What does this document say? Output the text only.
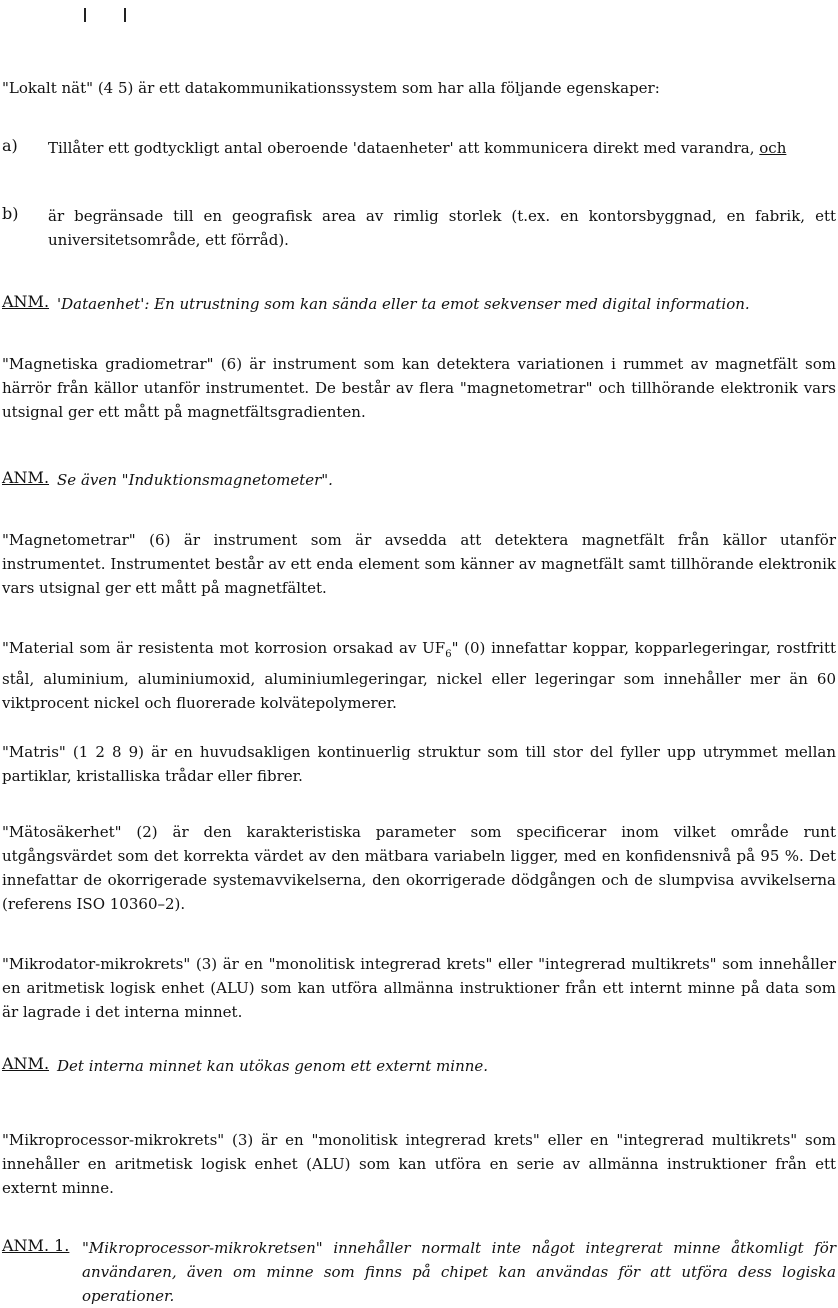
"Lokalt nät" (4 5) är ett datakommunikationssystem som har alla följande egenskaper:

a)	Tillåter ett godtyckligt antal oberoende 'dataenheter' att kommunicera direkt med varandra, och

b)	är begränsade till en geografisk area av rimlig storlek (t.ex. en kontorsbyggnad, en fabrik, ett universitetsområde, ett förråd).

ANM. 'Dataenhet': En utrustning som kan sända eller ta emot sekvenser med digital information.

"Magnetiska gradiometrar" (6) är instrument som kan detektera variationen i rummet av magnetfält som härrör från källor utanför instrumentet. De består av flera "magnetometrar" och tillhörande elektronik vars utsignal ger ett mått på magnetfältsgradienten.

ANM. Se även "Induktionsmagnetometer".

"Magnetometrar" (6) är instrument som är avsedda att detektera magnetfält från källor utanför instrumentet. Instrumentet består av ett enda element som känner av magnetfält samt tillhörande elektronik vars utsignal ger ett mått på magnetfältet.

"Material som är resistenta mot korrosion orsakad av $UF_6$" (0) innefattar koppar, kopparlegeringar, rostfritt stål, aluminium, aluminiumoxid, aluminiumlegeringar, nickel eller legeringar som innehåller mer än 60 viktprocent nickel och fluorerade kolvätepolymerer.

"Matris" (1 2 8 9) är en huvudsakligen kontinuerlig struktur som till stor del fyller upp utrymmet mellan partiklar, kristalliska trådar eller fibrer.

"Mätosäkerhet" (2) är den karakteristiska parameter som specificerar inom vilket område runt utgångsvärdet som det korrekta värdet av den mätbara variabeln ligger, med en konfidensnivå på 95 %. Det innefattar de okorrigerade systemavvikelserna, den okorrigerade dödgången och de slumpvisa avvikelserna (referens ISO 10360–2).

"Mikrodator-mikrokrets" (3) är en "monolitisk integrerad krets" eller "integrerad multikrets" som innehåller en aritmetisk logisk enhet (ALU) som kan utföra allmänna instruktioner från ett internt minne på data som är lagrade i det interna minnet.

ANM. Det interna minnet kan utökas genom ett externt minne.

"Mikroprocessor-mikrokrets" (3) är en "monolitisk integrerad krets" eller en "integrerad multikrets" som innehåller en aritmetisk logisk enhet (ALU) som kan utföra en serie av allmänna instruktioner från ett externt minne.

ANM. 1. "Mikroprocessor-mikrokretsen" innehåller normalt inte något integrerat minne åtkomligt för användaren, även om minne som finns på chipet kan användas för att utföra dess logiska operationer.
